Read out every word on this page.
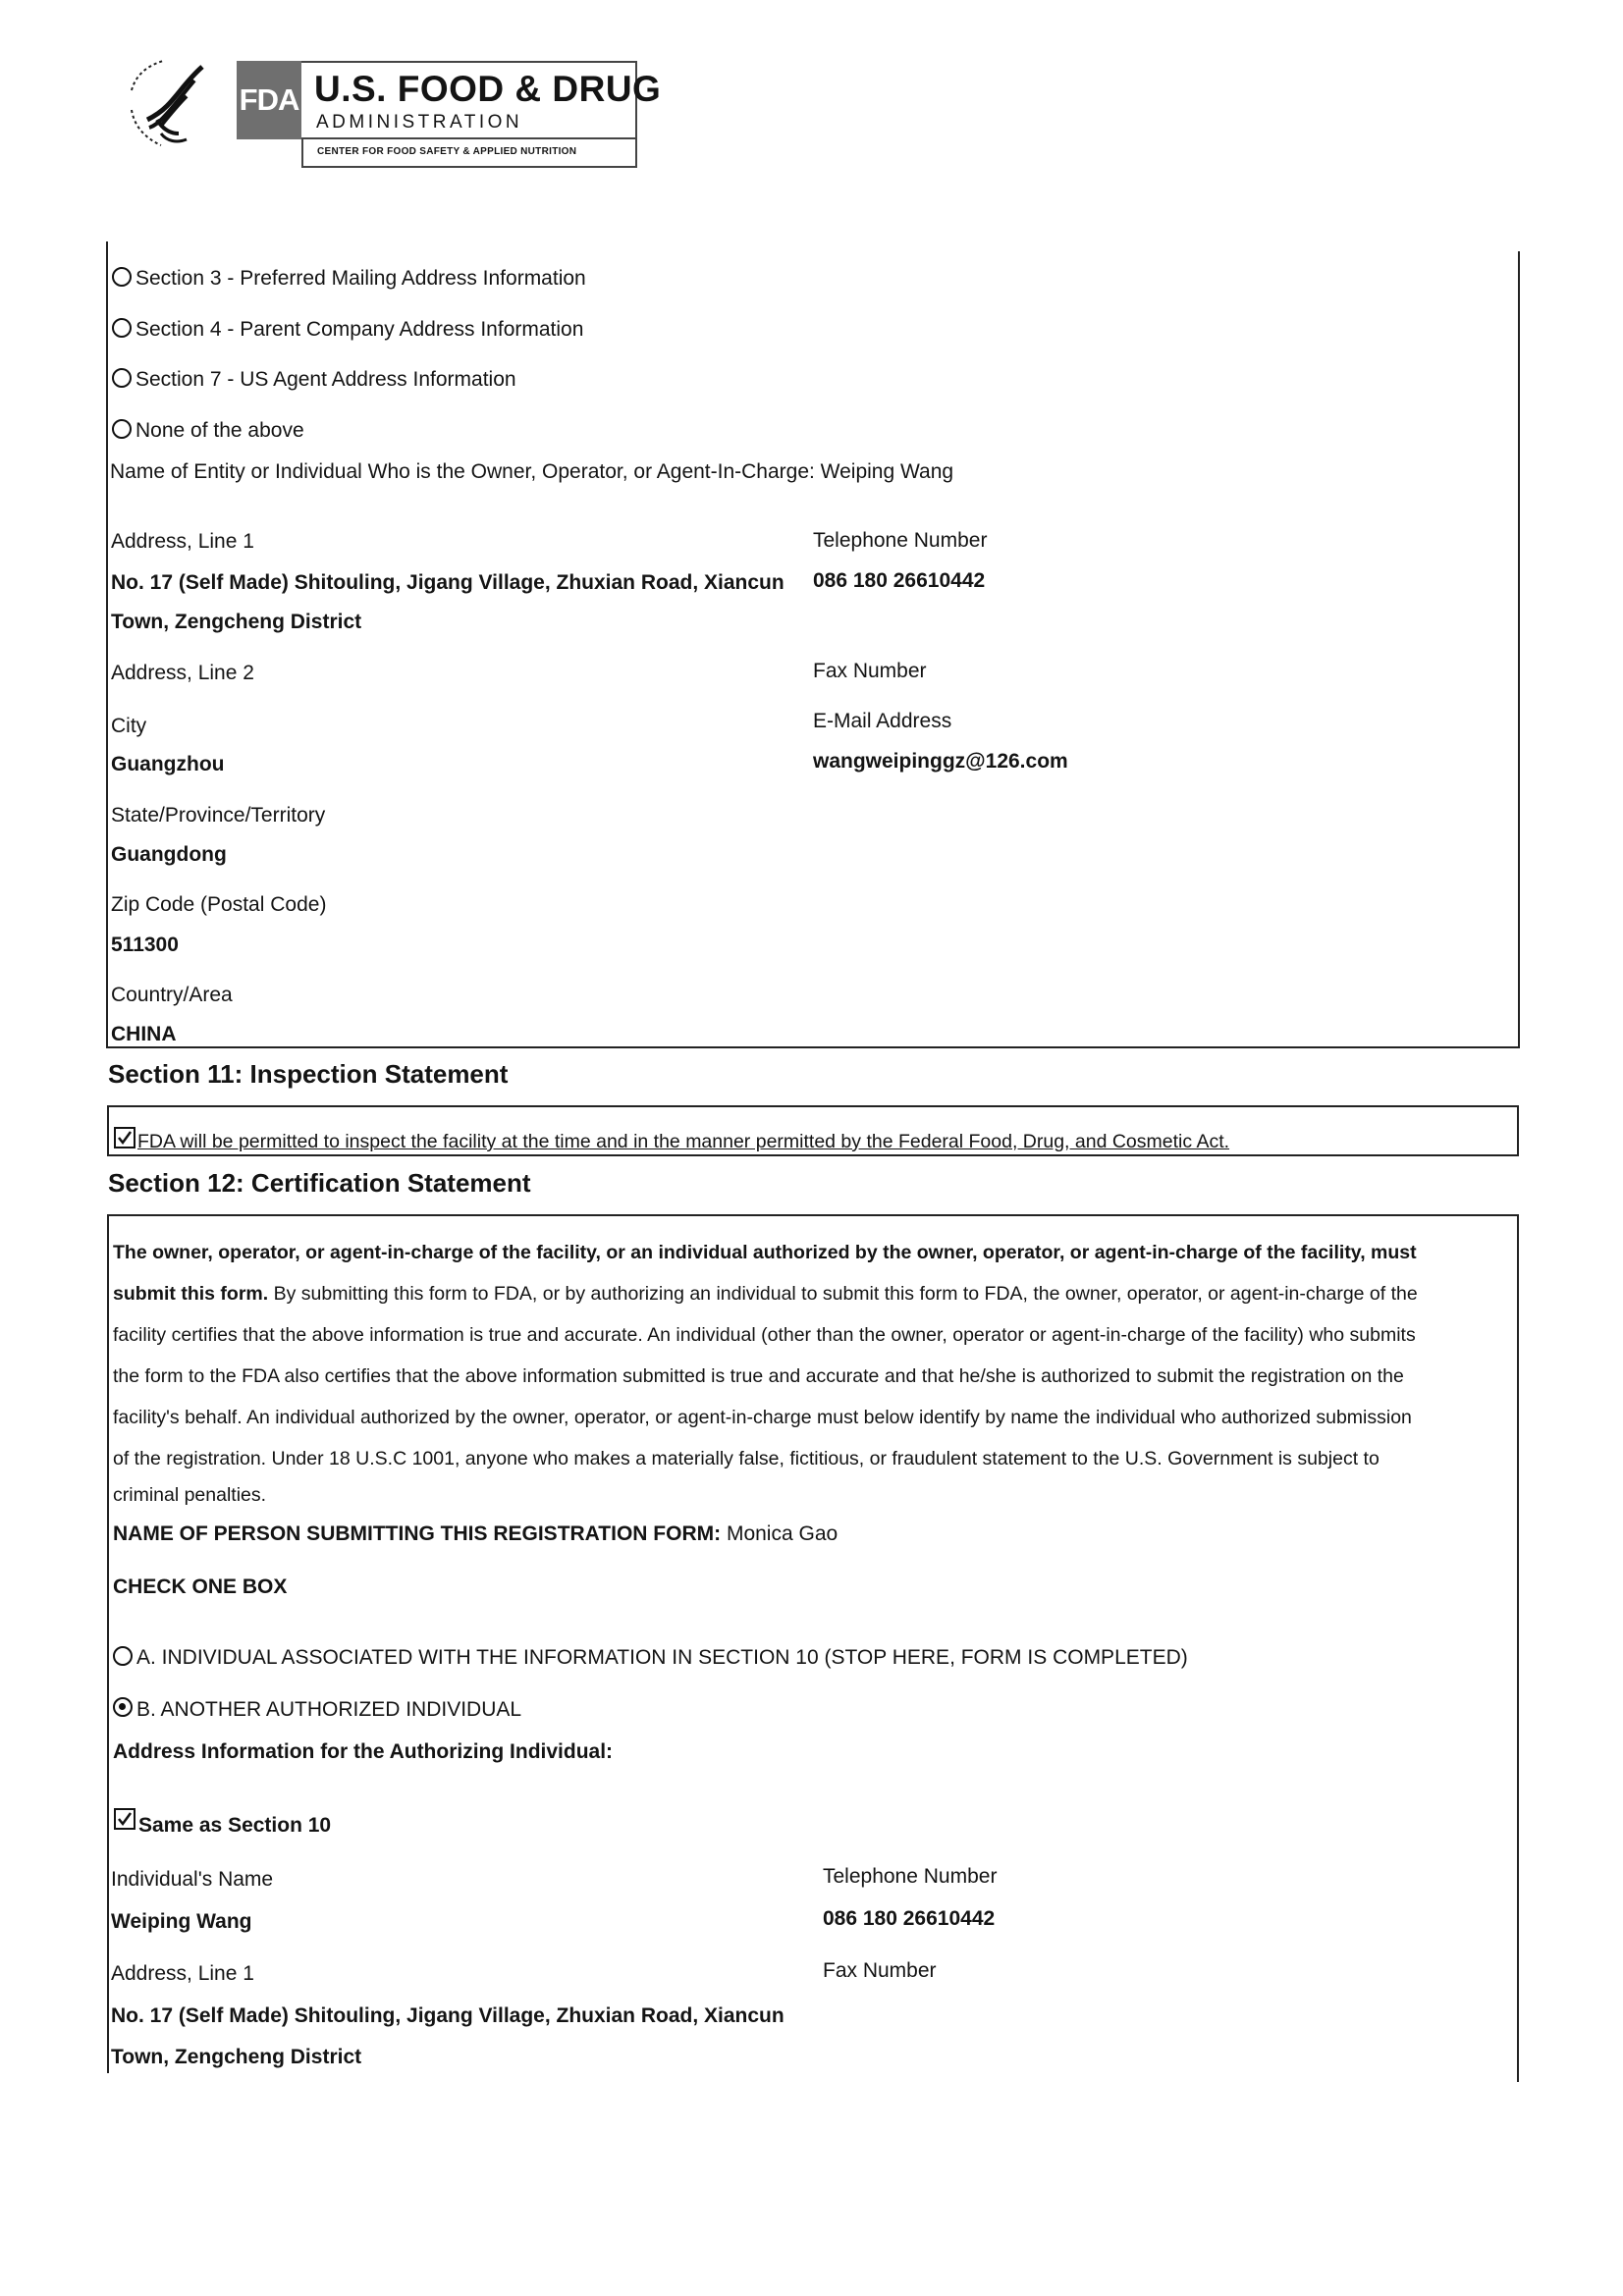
FDA U.S. FOOD & DRUG
ADMINISTRATION
CENTER FOR FOOD SAFETY & APPLIED NUTRITION
Section 3 - Preferred Mailing Address Information
Section 4 - Parent Company Address Information
Section 7 - US Agent Address Information
None of the above
Name of Entity or Individual Who is the Owner, Operator, or Agent-In-Charge: Weiping Wang
Address, Line 1
No. 17 (Self Made) Shitouling, Jigang Village, Zhuxian Road, Xiancun
Town, Zengcheng District
Address, Line 2
City
Guangzhou
State/Province/Territory
Guangdong
Zip Code (Postal Code)
511300
Country/Area
CHINA
Telephone Number
086 180 26610442
Fax Number
E-Mail Address
wangweipinggz@126.com
Section 11: Inspection Statement
FDA will be permitted to inspect the facility at the time and in the manner permitted by the Federal Food, Drug, and Cosmetic Act.
Section 12: Certification Statement
The owner, operator, or agent-in-charge of the facility, or an individual authorized by the owner, operator, or agent-in-charge of the facility, must
submit this form. By submitting this form to FDA, or by authorizing an individual to submit this form to FDA, the owner, operator, or agent-in-charge of the
facility certifies that the above information is true and accurate. An individual (other than the owner, operator or agent-in-charge of the facility) who submits
the form to the FDA also certifies that the above information submitted is true and accurate and that he/she is authorized to submit the registration on the
facility's behalf. An individual authorized by the owner, operator, or agent-in-charge must below identify by name the individual who authorized submission
of the registration. Under 18 U.S.C 1001, anyone who makes a materially false, fictitious, or fraudulent statement to the U.S. Government is subject to
criminal penalties.
NAME OF PERSON SUBMITTING THIS REGISTRATION FORM: Monica Gao
CHECK ONE BOX
A. INDIVIDUAL ASSOCIATED WITH THE INFORMATION IN SECTION 10 (STOP HERE, FORM IS COMPLETED)
B. ANOTHER AUTHORIZED INDIVIDUAL
Address Information for the Authorizing Individual:
Same as Section 10
Individual's Name
Weiping Wang
Address, Line 1
No. 17 (Self Made) Shitouling, Jigang Village, Zhuxian Road, Xiancun
Town, Zengcheng District
Telephone Number
086 180 26610442
Fax Number
